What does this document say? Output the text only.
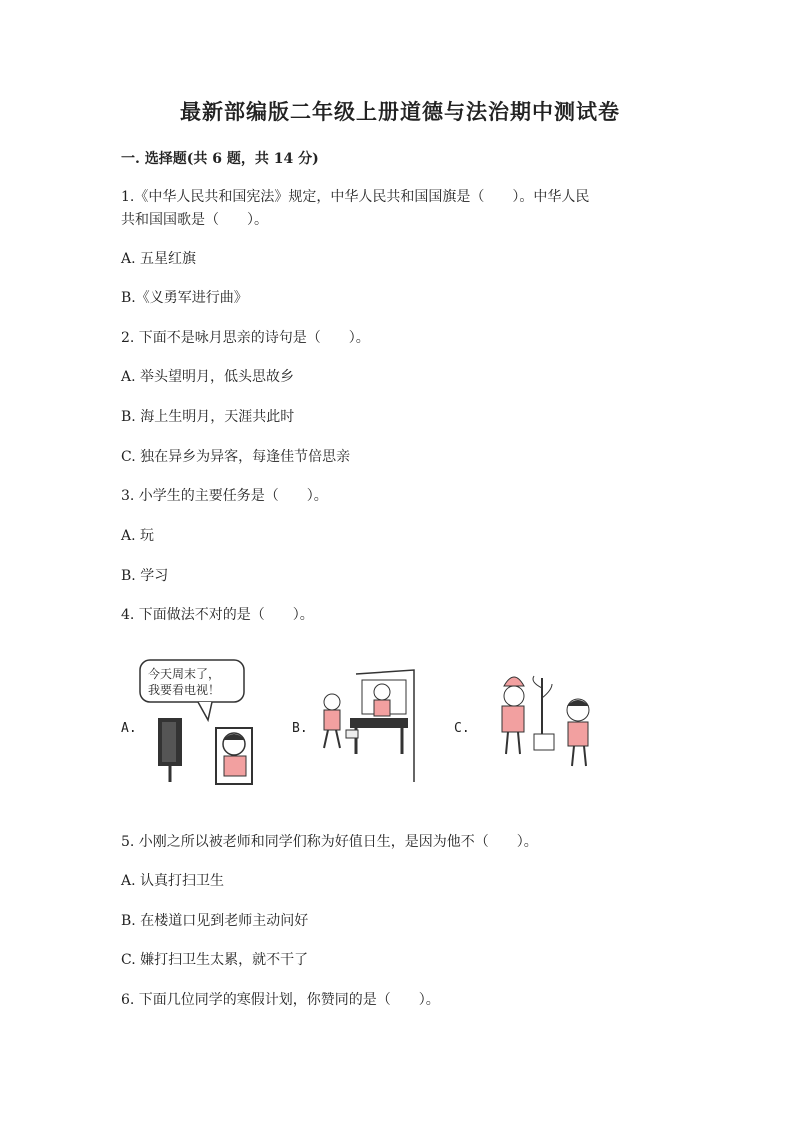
最新部编版二年级上册道德与法治期中测试卷
一. 选择题(共 6 题，共 14 分)
1.《中华人民共和国宪法》规定，中华人民共和国国旗是（　　）。中华人民
共和国国歌是（　　）。
A. 五星红旗
B.《义勇军进行曲》
2. 下面不是咏月思亲的诗句是（　　）。
A. 举头望明月，低头思故乡
B. 海上生明月，天涯共此时
C. 独在异乡为异客，每逢佳节倍思亲
3. 小学生的主要任务是（　　）。
A. 玩
B. 学习
4. 下面做法不对的是（　　）。
A.
今天周末了，
我要看电视！
B.	C.
5. 小刚之所以被老师和同学们称为好值日生，是因为他不（　　）。
A. 认真打扫卫生
B. 在楼道口见到老师主动问好
C. 嫌打扫卫生太累，就不干了
6. 下面几位同学的寒假计划，你赞同的是（　　）。
